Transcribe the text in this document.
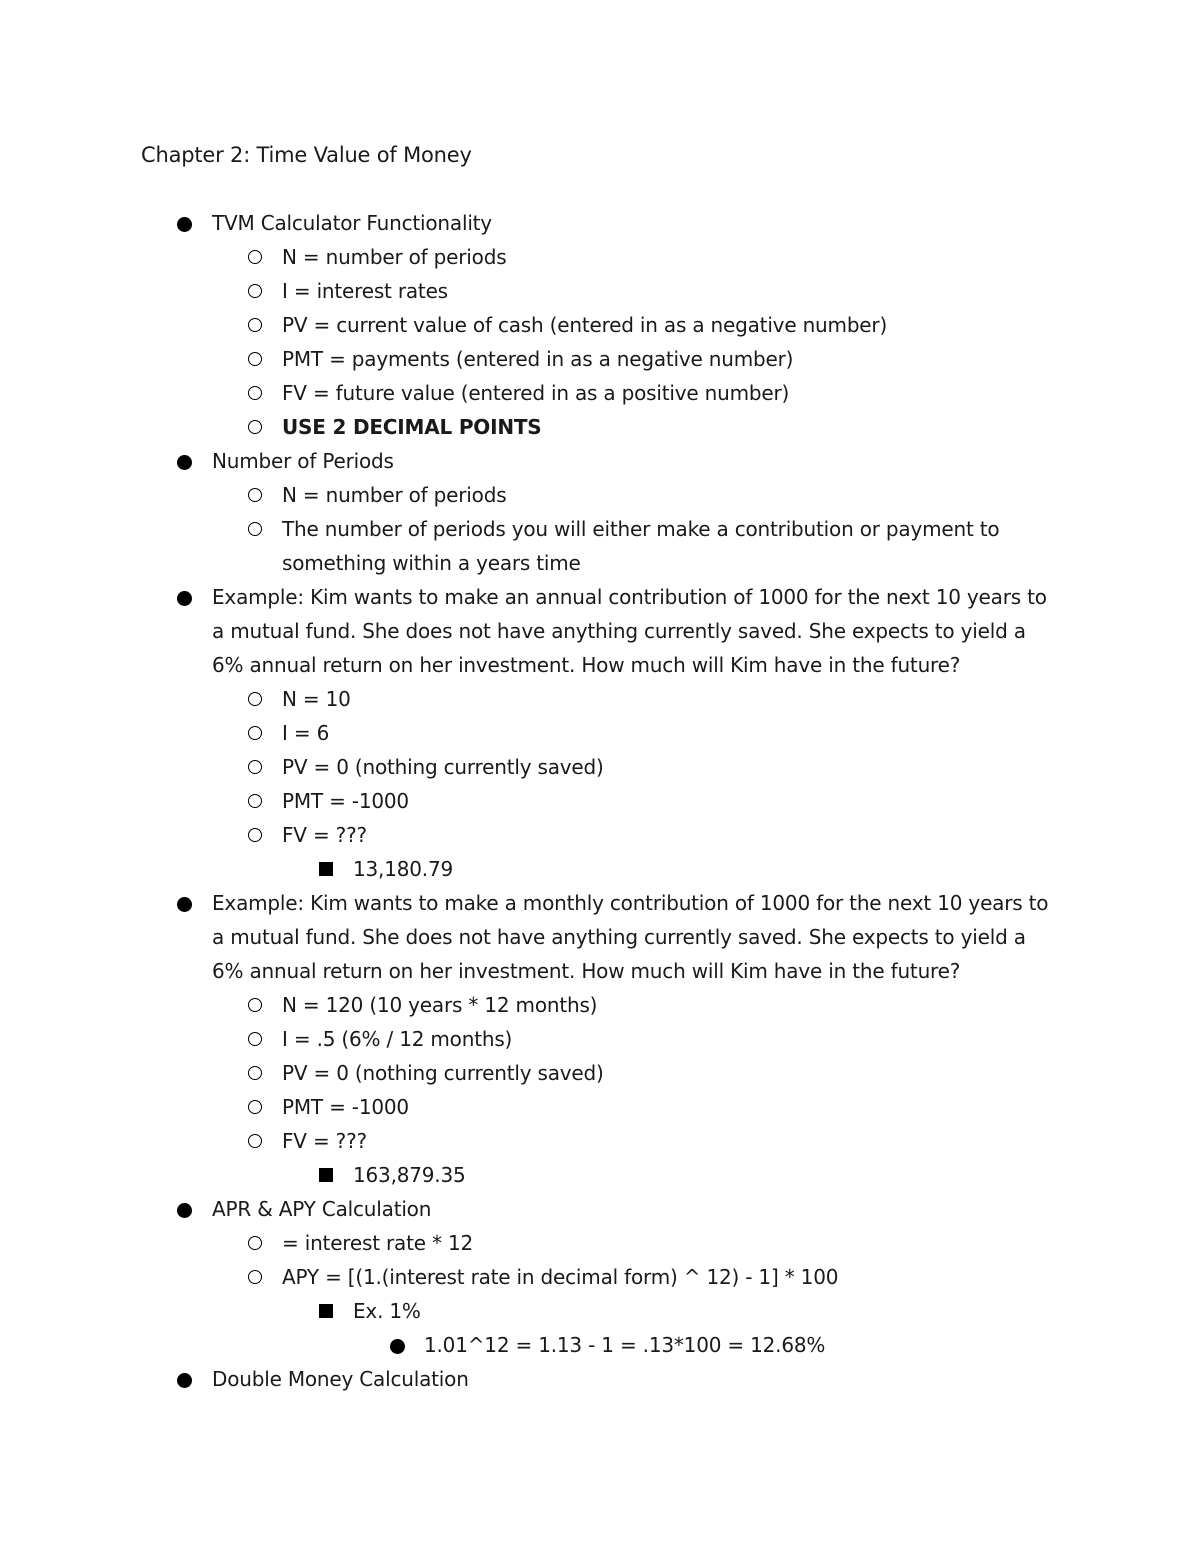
Chapter 2: Time Value of Money
TVM Calculator Functionality
N = number of periods
I = interest rates
PV = current value of cash (entered in as a negative number)
PMT = payments (entered in as a negative number)
FV = future value (entered in as a positive number)
USE 2 DECIMAL POINTS
Number of Periods
N = number of periods
The number of periods you will either make a contribution or payment to something within a years time
Example: Kim wants to make an annual contribution of 1000 for the next 10 years to a mutual fund. She does not have anything currently saved. She expects to yield a 6% annual return on her investment. How much will Kim have in the future?
N = 10
I = 6
PV = 0 (nothing currently saved)
PMT = -1000
FV = ???
13,180.79
Example: Kim wants to make a monthly contribution of 1000 for the next 10 years to a mutual fund. She does not have anything currently saved. She expects to yield a 6% annual return on her investment. How much will Kim have in the future?
N = 120 (10 years * 12 months)
I = .5 (6% / 12 months)
PV = 0 (nothing currently saved)
PMT = -1000
FV = ???
163,879.35
APR & APY Calculation
= interest rate * 12
APY = [(1.(interest rate in decimal form) ^ 12) - 1] * 100
Ex. 1%
1.01^12 = 1.13 - 1 = .13*100 = 12.68%
Double Money Calculation
